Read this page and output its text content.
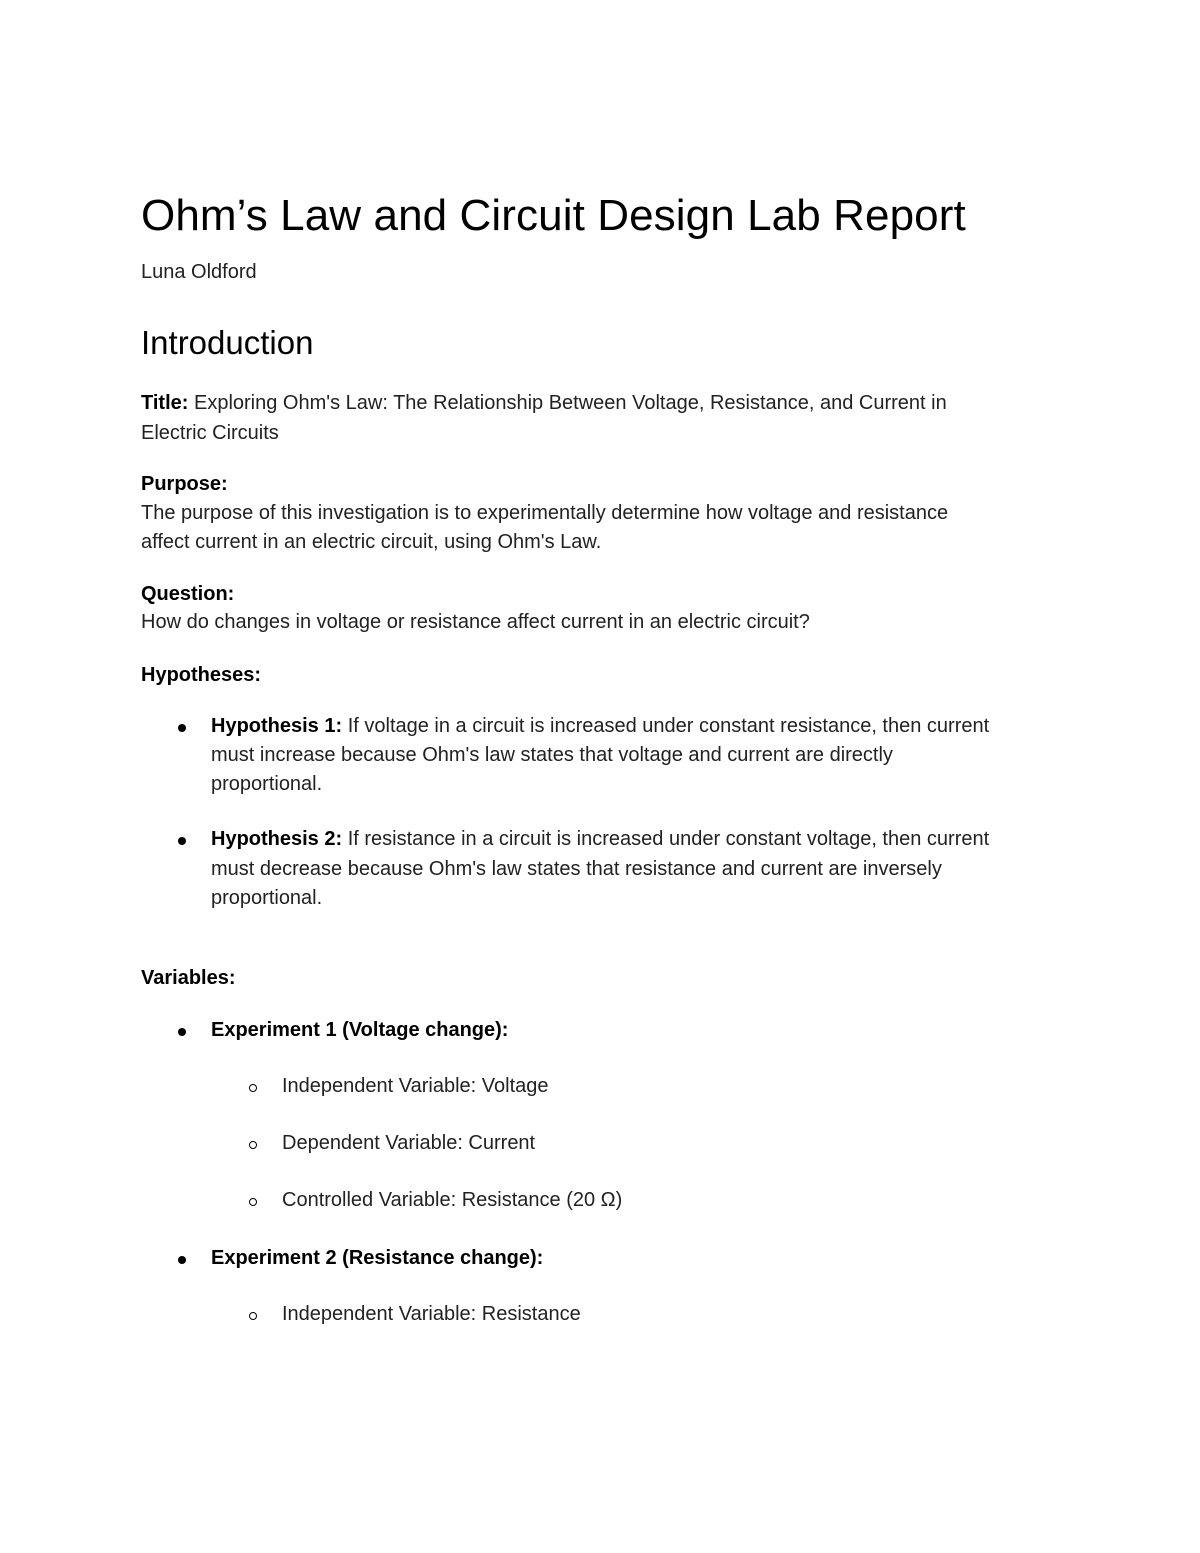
Ohm’s Law and Circuit Design Lab Report
Luna Oldford
Introduction
Title: Exploring Ohm's Law: The Relationship Between Voltage, Resistance, and Current in
Electric Circuits
Purpose:
The purpose of this investigation is to experimentally determine how voltage and resistance
affect current in an electric circuit, using Ohm's Law.
Question:
How do changes in voltage or resistance affect current in an electric circuit?
Hypotheses:
Hypothesis 1: If voltage in a circuit is increased under constant resistance, then current
must increase because Ohm's law states that voltage and current are directly
proportional.
Hypothesis 2: If resistance in a circuit is increased under constant voltage, then current
must decrease because Ohm's law states that resistance and current are inversely
proportional.
Variables:
Experiment 1 (Voltage change):
Independent Variable: Voltage
Dependent Variable: Current
Controlled Variable: Resistance (20 Ω)
Experiment 2 (Resistance change):
Independent Variable: Resistance
